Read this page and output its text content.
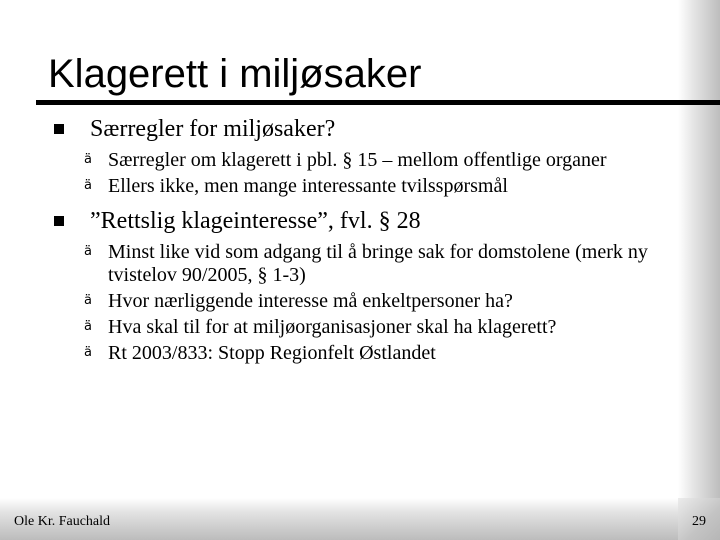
Klagerett i miljøsaker
Særregler for miljøsaker?
ä Særregler om klagerett i pbl. § 15 – mellom offentlige organer
ä Ellers ikke, men mange interessante tvilsspørsmål
”Rettslig klageinteresse”, fvl. § 28
ä Minst like vid som adgang til å bringe sak for domstolene (merk ny tvistelov 90/2005, § 1-3)
ä Hvor nærliggende interesse må enkeltpersoner ha?
ä Hva skal til for at miljøorganisasjoner skal ha klagerett?
ä Rt 2003/833: Stopp Regionfelt Østlandet
Ole Kr. Fauchald	29
